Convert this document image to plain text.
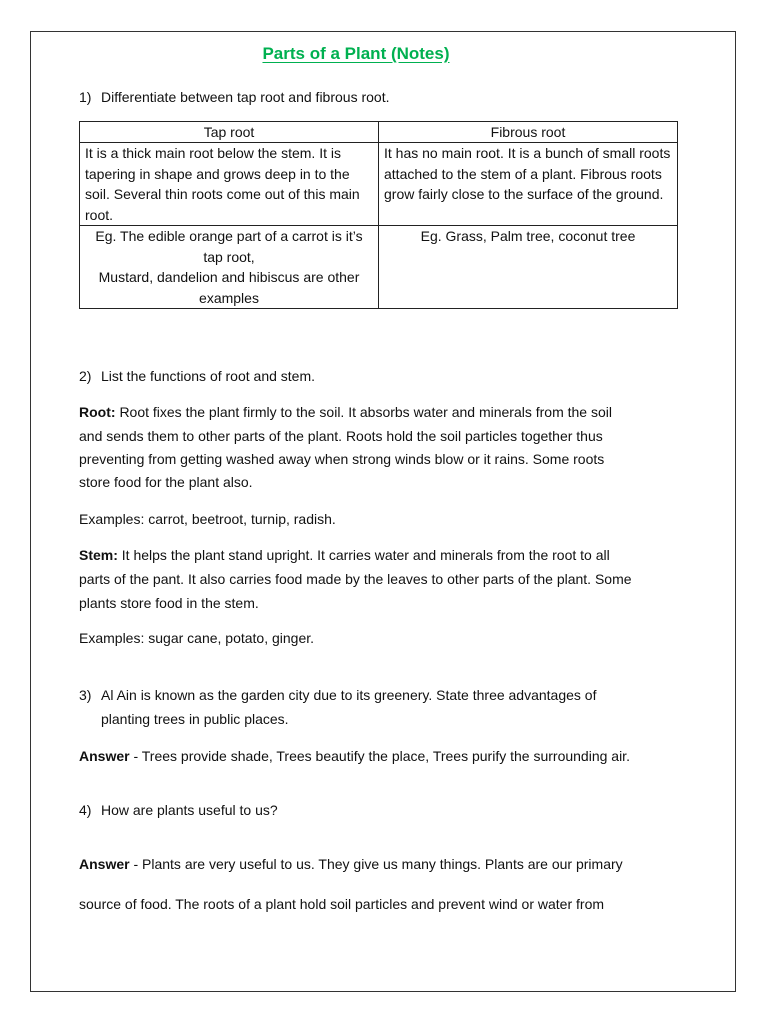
Parts of a Plant (Notes)
1) Differentiate between tap root and fibrous root.
Tap root	Fibrous root
It is a thick main root below the stem. It is tapering in shape and grows deep in to the soil. Several thin roots come out of this main root.	It has no main root. It is a bunch of small roots attached to the stem of a plant. Fibrous roots grow fairly close to the surface of the ground.

Eg. The edible orange part of a carrot is it’s tap root,
Mustard, dandelion and hibiscus are other examples	Eg. Grass, Palm tree, coconut tree
2) List the functions of root and stem.
Root: Root fixes the plant firmly to the soil. It absorbs water and minerals from the soil
and sends them to other parts of the plant. Roots hold the soil particles together thus
preventing from getting washed away when strong winds blow or it rains. Some roots
store food for the plant also.
Examples: carrot, beetroot, turnip, radish.
Stem: It helps the plant stand upright. It carries water and minerals from the root to all
parts of the pant. It also carries food made by the leaves to other parts of the plant. Some
plants store food in the stem.
Examples: sugar cane, potato, ginger.
3) Al Ain is known as the garden city due to its greenery. State three advantages of
planting trees in public places.
Answer - Trees provide shade, Trees beautify the place, Trees purify the surrounding air.
4) How are plants useful to us?
Answer - Plants are very useful to us. They give us many things. Plants are our primary
source of food. The roots of a plant hold soil particles and prevent wind or water from
